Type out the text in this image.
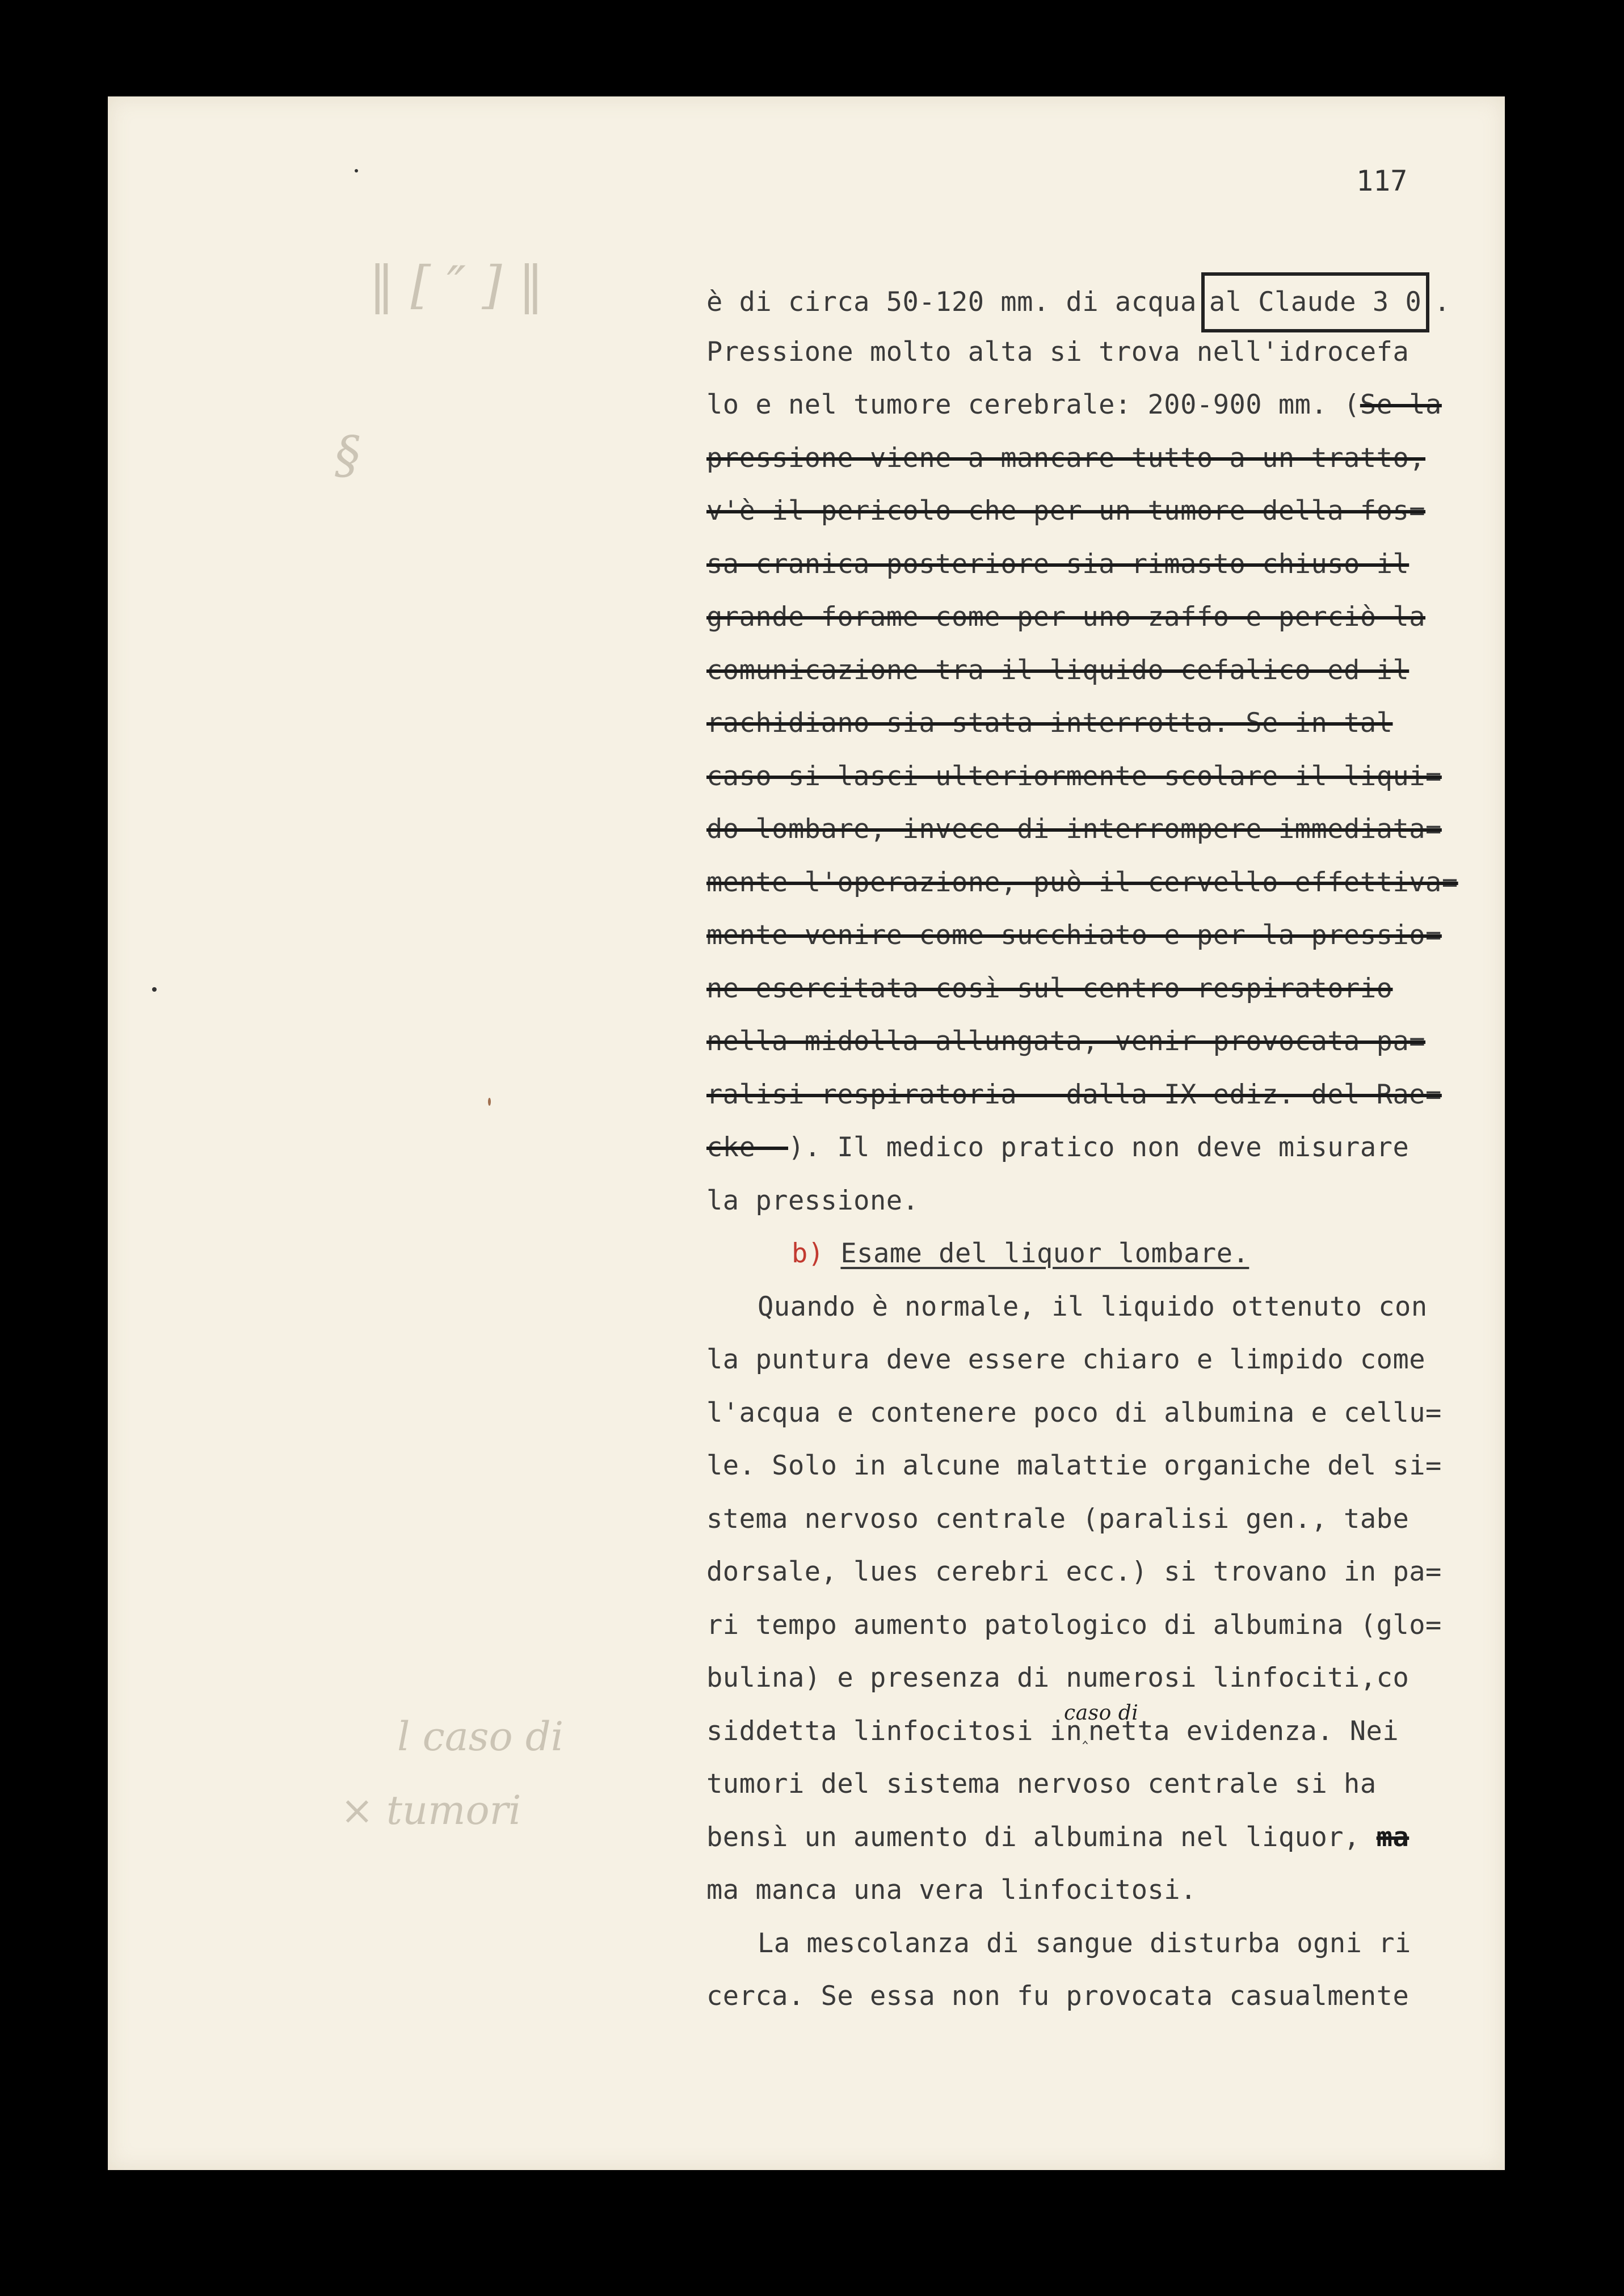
117
‖ [ ″ ] ‖
§
l caso di
× tumori
è di circa 50-120 mm. di acqua al Claude 3 0 .
Pressione molto alta si trova nell'idrocefa
lo e nel tumore cerebrale: 200-900 mm. (Se la
pressione viene a mancare tutto a un tratto,
v'è il pericolo che per un tumore della fos=
sa cranica posteriore sia rimasto chiuso il
grande forame come per uno zaffo e perciò la
comunicazione tra il liquido cefalico ed il
rachidiano sia stata interrotta. Se in tal
caso si lasci ulteriormente scolare il liqui=
do lombare, invece di interrompere immediata=
mente l'operazione, può il cervello effettiva=
mente venire come succhiato e per la pressio=
ne esercitata così sul centro respiratorio
nella midolla allungata, venir provocata pa=
ralisi respiratoria - dalla IX ediz. del Rae=
cke -). Il medico pratico non deve misurare
la pressione.
b) Esame del liquor lombare.
Quando è normale, il liquido ottenuto con
la puntura deve essere chiaro e limpido come
l'acqua e contenere poco di albumina e cellu=
le. Solo in alcune malattie organiche del si=
stema nervoso centrale (paralisi gen., tabe
dorsale, lues cerebri ecc.) si trovano in pa=
ri tempo aumento patologico di albumina (glo=
bulina) e presenza di numerosi linfociti,co
siddetta linfocitosi in
caso di
‸netta evidenza. Nei
tumori del sistema nervoso centrale si ha
bensì un aumento di albumina nel liquor, ma
ma manca una vera linfocitosi.
La mescolanza di sangue disturba ogni ri
cerca. Se essa non fu provocata casualmente
